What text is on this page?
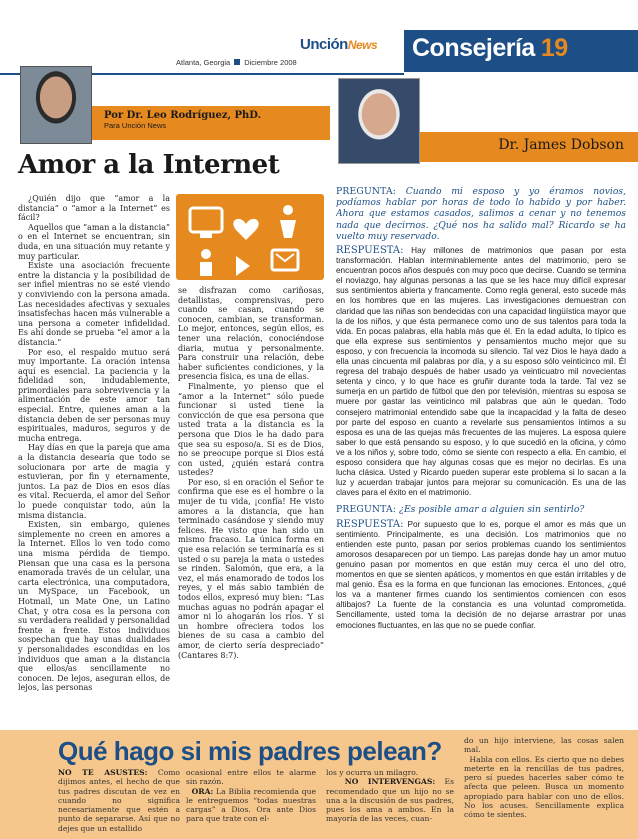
UnciónNews
Atlanta, Georgia Diciembre 2008
Consejería 19
Por Dr. Leo Rodríguez, PhD.
Para Unción News
Dr. James Dobson
Amor a la Internet

¿Quién dijo que “amor a la distancia” o “amor a la Internet” es fácil?

Aquellos que “aman a la distancia” o en el Internet se encuentran, sin duda, en una situación muy retante y muy particular.

Existe una asociación frecuente entre la distancia y la posibilidad de ser infiel mientras no se esté viendo y conviviendo con la persona amada. Las necesidades afectivas y sexuales insatisfechas hacen más vulnerable a una persona a cometer infidelidad. Es ahí donde se prueba “el amor a la distancia.”

Por eso, el respaldo mutuo será muy importante. La oración intensa aquí es esencial. La paciencia y la fidelidad son, indudablemente, primordiales para sobrevivencia y la alimentación de este amor tan especial. Entre, quienes aman a la distancia deben de ser personas muy espirituales, maduros, seguros y de mucha entrega.

Hay días en que la pareja que ama a la distancia desearía que todo se solucionara por arte de magia y estuvieran, por fin y eternamente, juntos. La paz de Dios en esos días es vital. Recuerda, el amor del Señor lo puede conquistar todo, aún la misma distancia.

Existen, sin embargo, quienes simplemente no creen en amores a la Internet. Ellos lo ven todo como una misma pérdida de tiempo. Piensan que una casa es la persona enamorada través de un celular, una carta electrónica, una computadora, un MySpace, un Facebook, un Hotmail, un Mate One, un Latino Chat, y otra cosa es la persona con su verdadera realidad y personalidad frente a frente. Estos individuos sospechan que hay unas dualidades y personalidades escondidas en los individuos que aman a la distancia que ellos/as sencillamente no conocen. De lejos, aseguran ellos, de lejos, las personas

se disfrazan como cariñosas, detallistas, comprensivas, pero cuando se casan, cuando se conocen, cambian, se transforman. Lo mejor, entonces, según ellos, es tener una relación, conociéndose diaria, mutua y personalmente. Para construir una relación, debe haber suficientes condiciones, y la presencia física, es una de ellas.

Finalmente, yo pienso que el “amor a la Internet” sólo puede funcionar si usted tiene la convicción de que esa persona que usted trata a la distancia es la persona que Dios le ha dado para que sea su esposo/a. Si es de Dios, no se preocupe porque si Dios está con usted, ¿quién estará contra ustedes?

Por eso, si en oración el Señor te confirma que ese es el hombre o la mujer de tu vida, ¡confía! He visto amores a la distancia, que han terminado casándose y siendo muy felices. He visto que han sido un mismo fracaso. La única forma en que esa relación se terminaría es si usted o su pareja la mata o ustedes se rinden. Salomón, que era, a la vez, el más enamorado de todos los reyes, y el más sabio también de todos ellos, expresó muy bien: “Las muchas aguas no podrán apagar el amor ni lo ahogarán los ríos. Y si un hombre ofreciera todos los bienes de su casa a cambio del amor, de cierto sería despreciado” (Cantares 8:7).

PREGUNTA: Cuando mi esposo y yo éramos novios, podíamos hablar por horas de todo lo habido y por haber. Ahora que estamos casados, salimos a cenar y no tenemos nada que decirnos. ¿Qué nos ha salido mal? Ricardo se ha vuelto muy reservado.
RESPUESTA: Hay millones de matrimonios que pasan por esta transformación. Hablan interminablemente antes del matrimonio, pero se encuentran pocos años después con muy poco que decirse. Cuando se termina el noviazgo, hay algunas personas a las que se les hace muy difícil expresar sus sentimientos abierta y francamente. Como regla general, esto sucede más en los hombres que en las mujeres. Las investigaciones demuestran con claridad que las niñas son bendecidas con una capacidad lingüística mayor que la de los niños, y que ésta permanece como uno de sus talentos para toda la vida. En pocas palabras, ella habla más que él. En la edad adulta, lo típico es que ella exprese sus sentimientos y pensamientos mucho mejor que su esposo, y con frecuencia la incomoda su silencio. Tal vez Dios le haya dado a ella unas cincuenta mil palabras por día, y a su esposo sólo veinticinco mil. Él regresa del trabajo después de haber usado ya veinticuatro mil novecientas setenta y cinco, y lo que hace es gruñir durante toda la tarde. Tal vez se sumerja en un partido de fútbol que den por televisión, mientras su esposa se muere por gastar las veinticinco mil palabras que aún le quedan. Todo consejero matrimonial entendido sabe que la incapacidad y la falta de deseo por parte del esposo en cuanto a revelarle sus pensamientos íntimos a su esposa es una de las quejas más frecuentes de las mujeres. La esposa quiere saber lo que está pensando su esposo, y lo que sucedió en la oficina, y cómo ve a los niños y, sobre todo, cómo se siente con respecto a ella. En cambio, el esposo considera que hay algunas cosas que es mejor no decirlas. Es una lucha clásica. Usted y Ricardo pueden superar este problema si lo sacan a la luz y acuerdan trabajar juntos para mejorar su comunicación. Es una de las claves para el éxito en el matrimonio.
PREGUNTA: ¿Es posible amar a alguien sin sentirlo?
RESPUESTA: Por supuesto que lo es, porque el amor es más que un sentimiento. Principalmente, es una decisión. Los matrimonios que no entienden este punto, pasan por serios problemas cuando los sentimientos amorosos desaparecen por un tiempo. Las parejas donde hay un amor mutuo genuino pasan por momentos en que están muy cerca el uno del otro, momentos en que se sienten apáticos, y momentos en que están irritables y de mal genio. Ésa es la forma en que funcionan las emociones. Entonces, ¿qué los va a mantener firmes cuando los sentimientos comiencen con esos altibajos? La fuente de la constancia es una voluntad comprometida. Sencillamente, usted toma la decisión de no dejarse arrastrar por unas emociones fluctuantes, en las que no se puede confiar.
Qué hago si mis padres pelean?
NO TE ASUSTES: Como dijimos antes, el hecho de que tus padres discutan de vez en cuando no significa necesariamente que estén a punto de separarse. Así que no dejes que un estallido
ocasional entre ellos te alarme sin razón.
ORA: La Biblia recomienda que le entreguemos “todas nuestras cargas” a Dios. Ora ante Dios para que trate con el-
los y ocurra un milagro.
NO INTERVENGAS: Es recomendado que un hijo no se una a la discusión de sus padres, pues los ama a ambos. En la mayoría de las veces, cuan-
do un hijo interviene, las cosas salen mal.
Habla con ellos. Es cierto que no debes meterte en la rencillas de tus padres, pero sí puedes hacerles saber cómo te afecta que peleen. Busca un momento apropiado para hablar con uno de ellos. No los acuses. Sencillamente explica cómo te sientes.
